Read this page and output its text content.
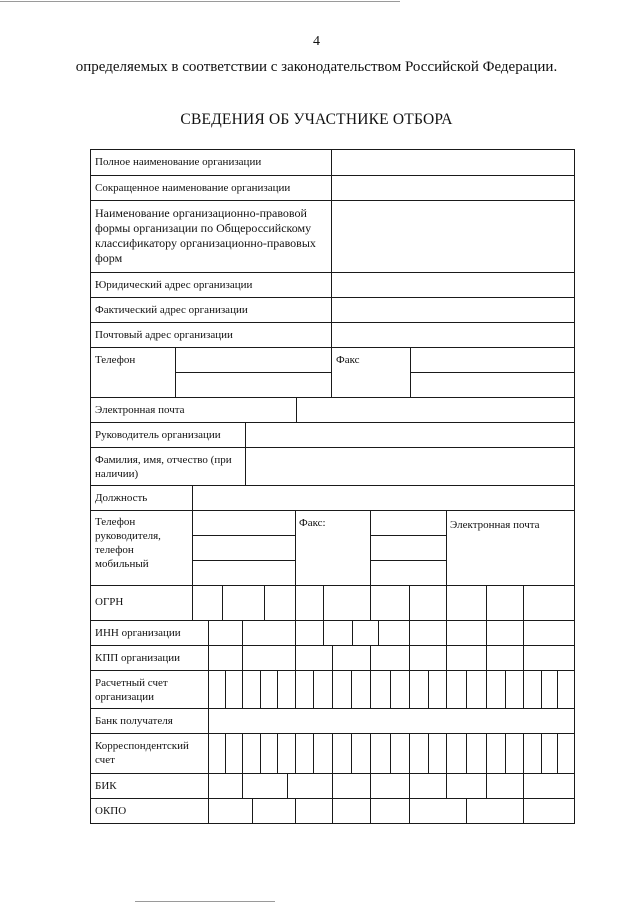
4
определяемых в соответствии с законодательством Российской Федерации.
СВЕДЕНИЯ ОБ УЧАСТНИКЕ ОТБОРА
Полное наименование организации
Сокращенное наименование организации
Наименование организационно-правовой формы организации по Общероссийскому классификатору организационно-правовых форм
Юридический адрес организации
Фактический адрес организации
Почтовый адрес организации
Телефон	Факс
Электронная почта
Руководитель организации
Фамилия, имя, отчество (при наличии)
Должность
Телефон руководителя, телефон мобильный
Факс:	Электронная почта
ОГРН
ИНН организации
КПП организации
Расчетный счет организации
Банк получателя
Корреспондентский счет
БИК
ОКПО
